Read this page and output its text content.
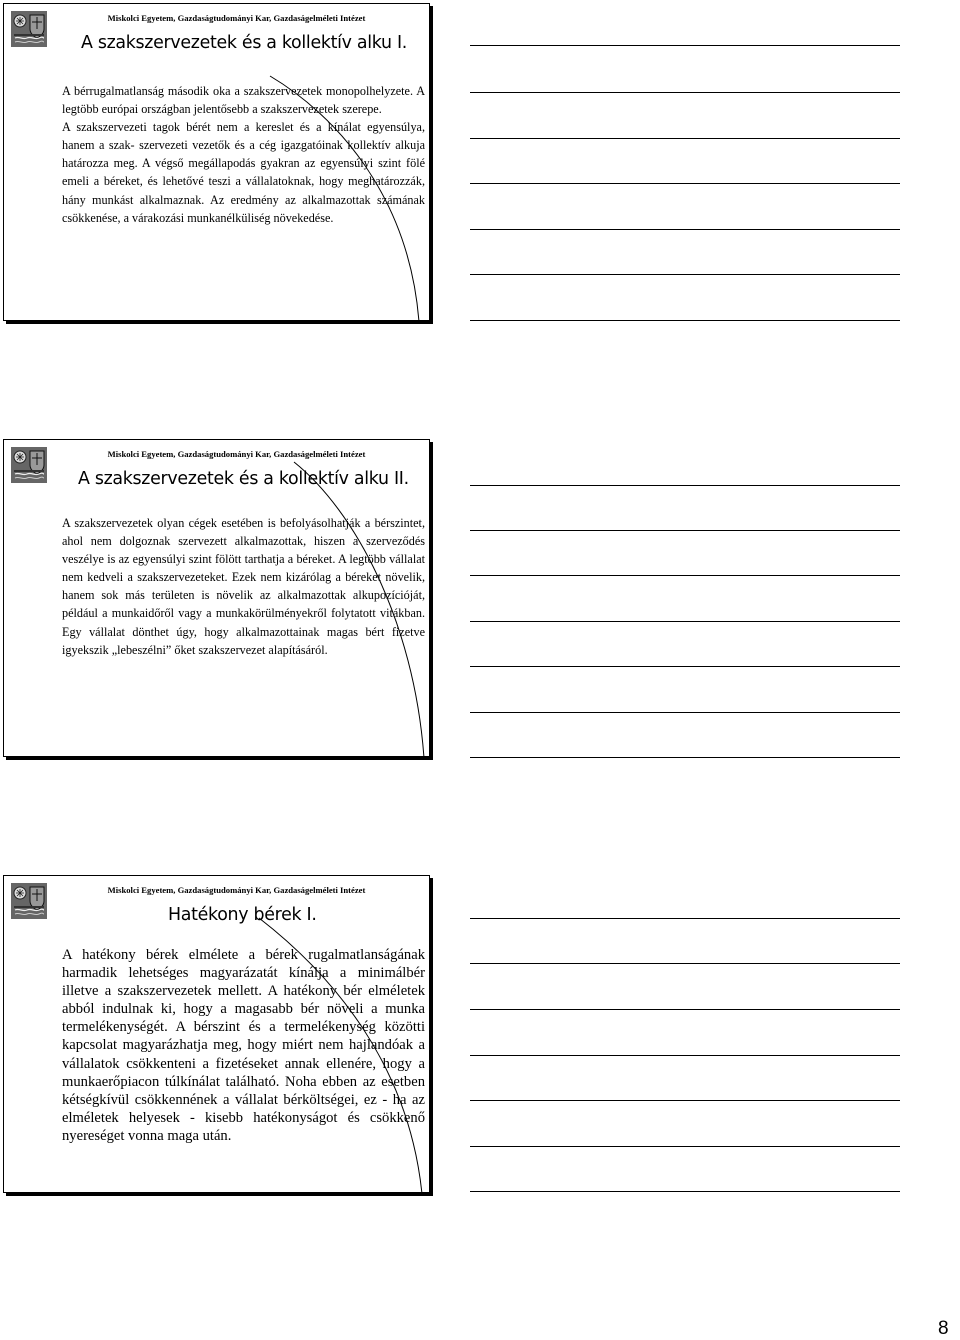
Miskolci Egyetem, Gazdaságtudományi Kar, Gazdaságelméleti Intézet
A szakszervezetek és a kollektív alku I.

A bérrugalmatlanság második oka a szakszervezetek monopolhelyzete. A legtöbb európai országban jelentősebb a szakszervezetek szerepe.

A szakszervezeti tagok bérét nem a kereslet és a kínálat egyensúlya, hanem a szak- szervezeti vezetők és a cég igazgatóinak kollektív alkuja határozza meg. A végső megállapodás gyakran az egyensúlyi szint fölé emeli a béreket, és lehetővé teszi a vállalatoknak, hogy meghatározzák, hány munkást alkalmaznak. Az eredmény az alkalmazottak számának csökkenése, a várakozási munkanélküliség növekedése.

Miskolci Egyetem, Gazdaságtudományi Kar, Gazdaságelméleti Intézet
A szakszervezetek és a kollektív alku II.

A szakszervezetek olyan cégek esetében is befolyásolhatják a bérszintet, ahol nem dolgoznak szervezett alkalmazottak, hiszen a szerveződés veszélye is az egyensúlyi szint fölött tarthatja a béreket. A legtöbb vállalat nem kedveli a szakszervezeteket. Ezek nem kizárólag a béreket növelik, hanem sok más területen is növelik az alkalmazottak alkupozícióját, például a munkaidőről vagy a munkakörülményekről folytatott vitákban. Egy vállalat dönthet úgy, hogy alkalmazottainak magas bért fizetve igyekszik „lebeszélni” őket szakszervezet alapításáról.

Miskolci Egyetem, Gazdaságtudományi Kar, Gazdaságelméleti Intézet
Hatékony bérek I.

A hatékony bérek elmélete a bérek rugalmatlanságának harmadik lehetséges magyarázatát kínálja a minimálbér illetve a szakszervezetek mellett. A hatékony bér elméletek abból indulnak ki, hogy a magasabb bér növeli a munka termelékenységét. A bérszint és a termelékenység közötti kapcsolat magyarázhatja meg, hogy miért nem hajlandóak a vállalatok csökkenteni a fizetéseket annak ellenére, hogy a munkaerőpiacon túlkínálat található. Noha ebben az esetben kétségkívül csökkennének a vállalat bérköltségei, ez - ha az elméletek helyesek - kisebb hatékonyságot és csökkenő nyereséget vonna maga után.

8
